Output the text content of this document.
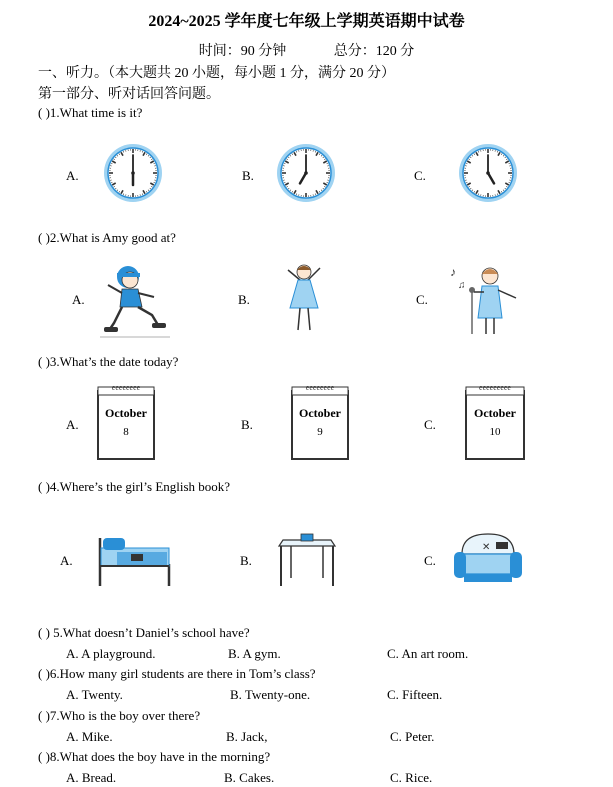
2024~2025 学年度七年级上学期英语期中试卷
时间：90 分钟	总分：120 分
一、听力。（本大题共 20 小题，每小题 1 分，满分 20 分）
第一部分、听对话回答问题。
( )1.What time is it?
A.	B.	C.
( )2.What is Amy good at?
A.	B.	C.
♪
♫
( )3.What’s the date today?
A.	B.	C.
eeeeeeee
October
8
eeeeeeee
October
9
eeeeeeeee
October
10
( )4.Where’s the girl’s English book?
A.	B.	C.
✕
( ) 5.What doesn’t Daniel’s school have?
A. A playground.	B. A gym.	C. An art room.
( )6.How many girl students are there in Tom’s class?
A. Twenty.	B. Twenty-one.	C. Fifteen.
( )7.Who is the boy over there?
A. Mike.	B. Jack,	C. Peter.
( )8.What does the boy have in the morning?
A. Bread.	B. Cakes.	C. Rice.
